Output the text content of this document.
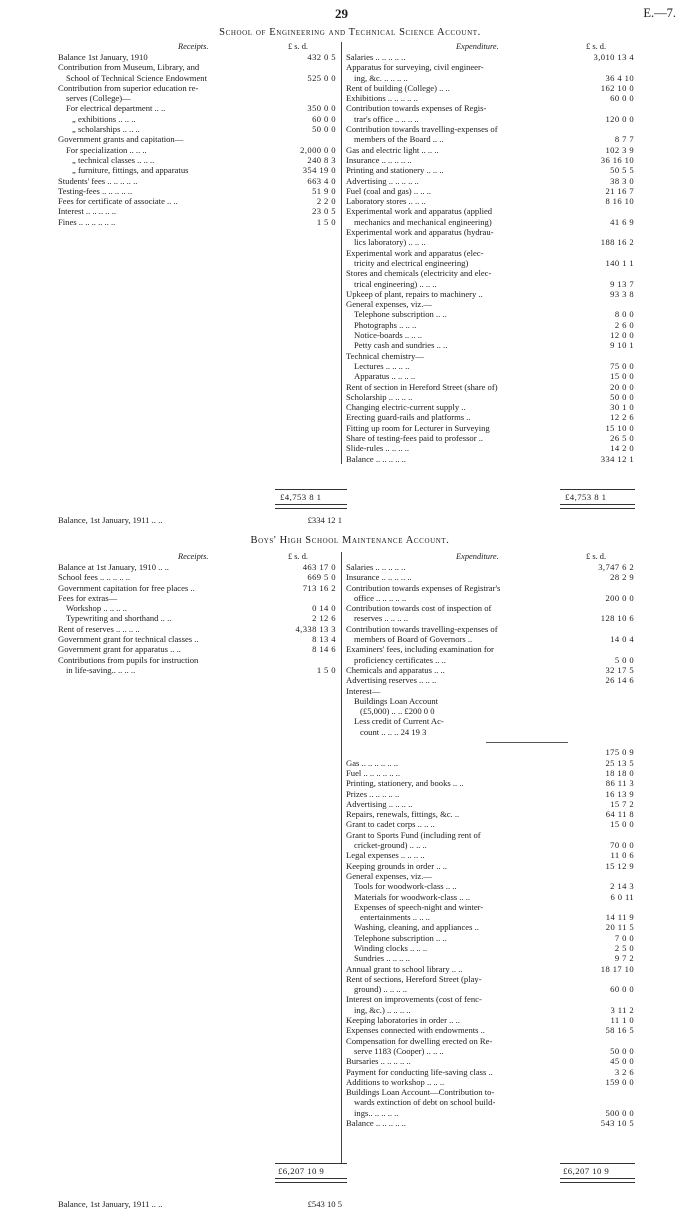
29	E.—7.
School of Engineering and Technical Science Account.
Receipts.	£ s. d.
Balance 1st January, 1910	432 0 5
Contribution from Museum, Library, and
School of Technical Science Endowment	525 0 0
Contribution from superior education re-
serves (College)—
For electrical department .. ..	350 0 0
„ exhibitions .. .. ..	60 0 0
„ scholarships .. .. ..	50 0 0
Government grants and capitation—
For specialization .. .. ..	2,000 0 0
„ technical classes .. .. ..	240 8 3
„ furniture, fittings, and apparatus	354 19 0
Students' fees .. .. .. .. ..	663 4 0
Testing-fees .. .. .. .. ..	51 9 0
Fees for certificate of associate .. ..	2 2 0
Interest .. .. .. .. ..	23 0 5
Fines .. .. .. .. .. ..	1 5 0
Expenditure.	£ s. d.
Salaries .. .. .. .. ..	3,010 13 4
Apparatus for surveying, civil engineer-
ing, &c. .. .. .. ..	36 4 10
Rent of building (College) .. ..	162 10 0
Exhibitions .. .. .. .. ..	60 0 0
Contribution towards expenses of Regis-
trar's office .. .. .. ..	120 0 0
Contribution towards travelling-expenses of
members of the Board .. ..	8 7 7
Gas and electric light .. .. ..	102 3 9
Insurance .. .. .. .. ..	36 16 10
Printing and stationery .. .. ..	50 5 5
Advertising .. .. .. .. ..	38 3 0
Fuel (coal and gas) .. .. ..	21 16 7
Laboratory stores .. .. ..	8 16 10
Experimental work and apparatus (applied
mechanics and mechanical engineering)	41 6 9
Experimental work and apparatus (hydrau-
lics laboratory) .. .. ..	188 16 2
Experimental work and apparatus (elec-
tricity and electrical engineering)	140 1 1
Stores and chemicals (electricity and elec-
trical engineering) .. .. ..	9 13 7
Upkeep of plant, repairs to machinery ..	93 3 8
General expenses, viz.—
Telephone subscription .. ..	8 0 0
Photographs .. .. ..	2 6 0
Notice-boards .. .. ..	12 0 0
Petty cash and sundries .. ..	9 10 1
Technical chemistry—
Lectures .. .. .. ..	75 0 0
Apparatus .. .. .. ..	15 0 0
Rent of section in Hereford Street (share of)	20 0 0
Scholarship .. .. .. ..	50 0 0
Changing electric-current supply ..	30 1 0
Erecting guard-rails and platforms ..	12 2 6
Fitting up room for Lecturer in Surveying	15 10 0
Share of testing-fees paid to professor ..	26 5 0
Slide-rules .. .. .. ..	14 2 0
Balance .. .. .. .. ..	334 12 1
£4,753 8 1	£4,753 8 1
Balance, 1st January, 1911 .. ..	£334 12 1
Boys' High School Maintenance Account.
Receipts.	£ s. d.
Balance at 1st January, 1910 .. ..	463 17 0
School fees .. .. .. .. ..	669 5 0
Government capitation for free places ..	713 16 2
Fees for extras—
Workshop .. .. .. ..	0 14 0
Typewriting and shorthand .. ..	2 12 6
Rent of reserves .. .. .. ..	4,338 13 3
Government grant for technical classes ..	8 13 4
Government grant for apparatus .. ..	8 14 6
Contributions from pupils for instruction
in life-saving.. .. .. ..	1 5 0
Expenditure.	£ s. d.
Salaries .. .. .. .. ..	3,747 6 2
Insurance .. .. .. .. ..	28 2 9
Contribution towards expenses of Registrar's
office .. .. .. .. ..	200 0 0
Contribution towards cost of inspection of
reserves .. .. .. ..	128 10 6
Contribution towards travelling-expenses of
members of Board of Governors ..	14 0 4
Examiners' fees, including examination for
proficiency certificates .. ..	5 0 0
Chemicals and apparatus .. ..	32 17 5
Advertising reserves .. .. ..	26 14 6
Interest—
Buildings Loan Account
(£5,000) .. .. £200 0 0
Less credit of Current Ac-
count .. .. .. 24 19 3
175 0 9
Gas .. .. .. .. .. ..	25 13 5
Fuel .. .. .. .. .. ..	18 18 0
Printing, stationery, and books .. ..	86 11 3
Prizes .. .. .. .. ..	16 13 9
Advertising .. .. .. ..	15 7 2
Repairs, renewals, fittings, &c. ..	64 11 8
Grant to cadet corps .. .. ..	15 0 0
Grant to Sports Fund (including rent of
cricket-ground) .. .. ..	70 0 0
Legal expenses .. .. .. ..	11 0 6
Keeping grounds in order .. ..	15 12 9
General expenses, viz.—
Tools for woodwork-class .. ..	2 14 3
Materials for woodwork-class .. ..	6 0 11
Expenses of speech-night and winter-
entertainments .. .. ..	14 11 9
Washing, cleaning, and appliances ..	20 11 5
Telephone subscription .. ..	7 0 0
Winding clocks .. .. ..	2 5 0
Sundries .. .. .. ..	9 7 2
Annual grant to school library .. ..	18 17 10
Rent of sections, Hereford Street (play-
ground) .. .. .. ..	60 0 0
Interest on improvements (cost of fenc-
ing, &c.) .. .. .. ..	3 11 2
Keeping laboratories in order .. ..	11 1 0
Expenses connected with endowments ..	58 16 5
Compensation for dwelling erected on Re-
serve 1183 (Cooper) .. .. ..	50 0 0
Bursaries .. .. .. .. ..	45 0 0
Payment for conducting life-saving class ..	3 2 6
Additions to workshop .. .. ..	159 0 0
Buildings Loan Account—Contribution to-
wards extinction of debt on school build-
ings.. .. .. .. ..	500 0 0
Balance .. .. .. .. ..	543 10 5
£6,207 10 9	£6,207 10 9
Balance, 1st January, 1911 .. ..	£543 10 5
